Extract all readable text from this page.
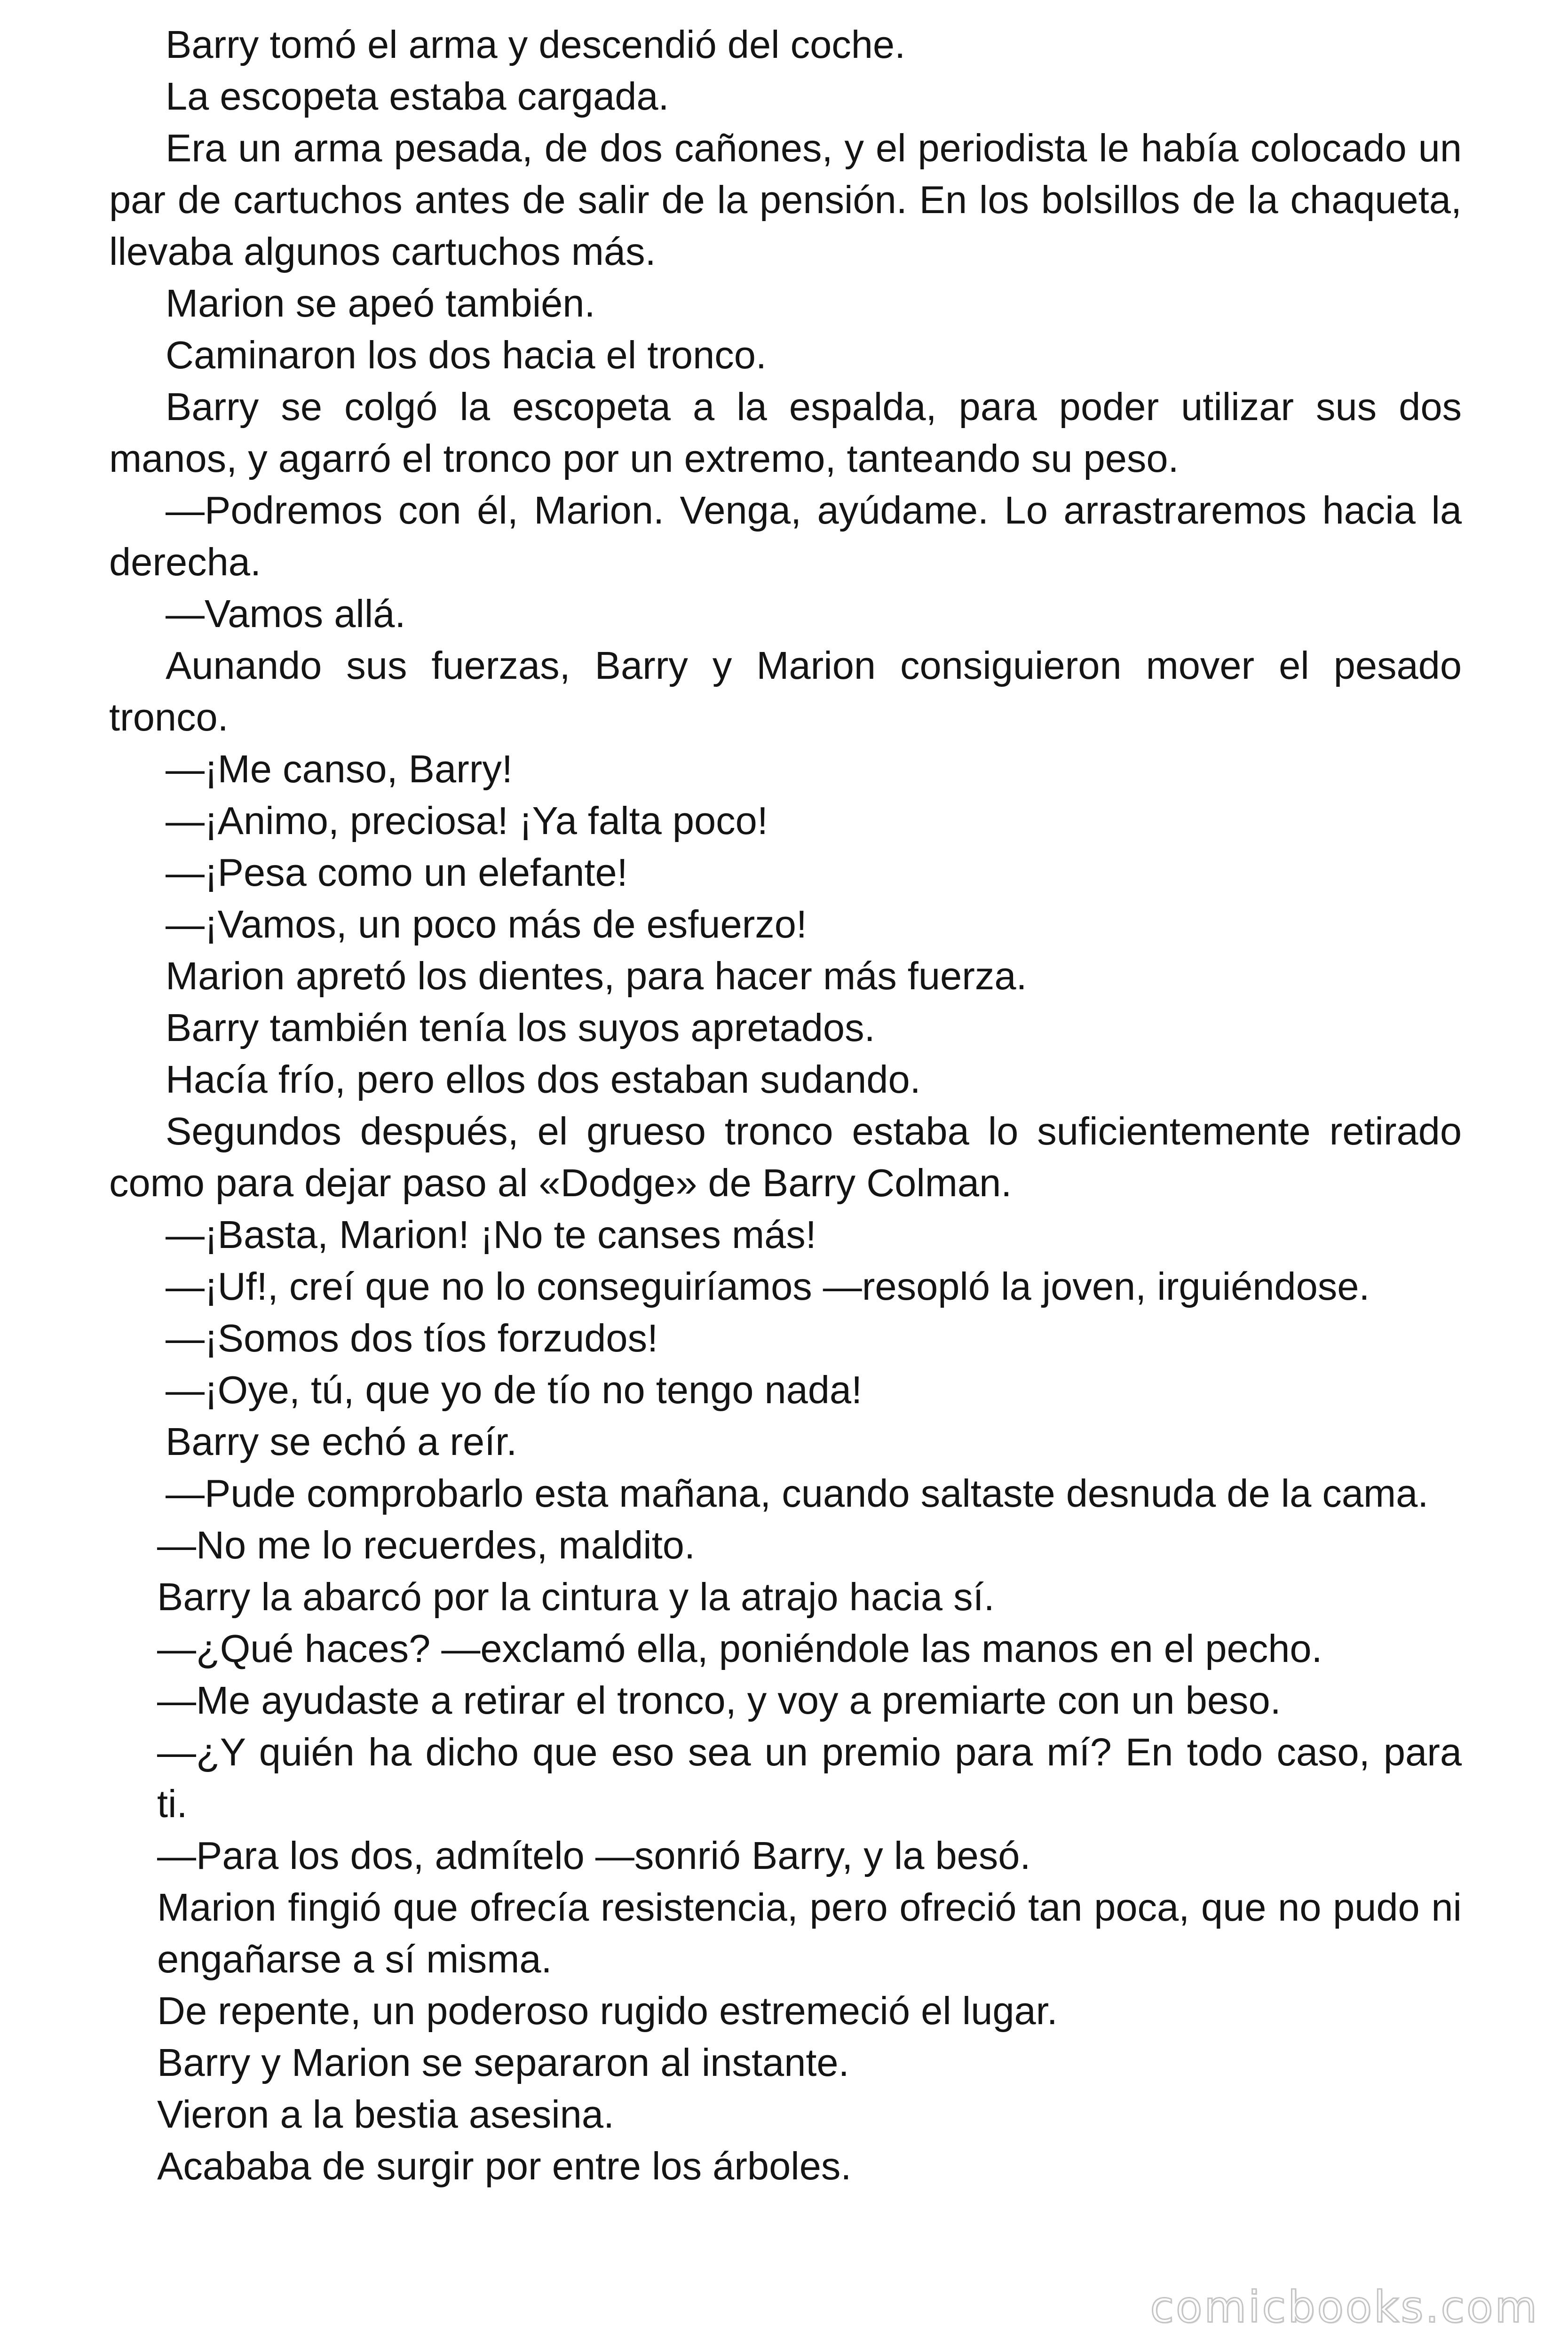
Barry tomó el arma y descendió del coche.

La escopeta estaba cargada.

Era un arma pesada, de dos cañones, y el periodista le había colocado un par de cartuchos antes de salir de la pensión. En los bolsillos de la chaqueta, llevaba algunos cartuchos más.

Marion se apeó también.

Caminaron los dos hacia el tronco.

Barry se colgó la escopeta a la espalda, para poder utilizar sus dos manos, y agarró el tronco por un extremo, tanteando su peso.

—Podremos con él, Marion. Venga, ayúdame. Lo arrastraremos hacia la derecha.

—Vamos allá.

Aunando sus fuerzas, Barry y Marion consiguieron mover el pesado tronco.

—¡Me canso, Barry!

—¡Animo, preciosa! ¡Ya falta poco!

—¡Pesa como un elefante!

—¡Vamos, un poco más de esfuerzo!

Marion apretó los dientes, para hacer más fuerza.

Barry también tenía los suyos apretados.

Hacía frío, pero ellos dos estaban sudando.

Segundos después, el grueso tronco estaba lo suficientemente retirado como para dejar paso al «Dodge» de Barry Colman.

—¡Basta, Marion! ¡No te canses más!

—¡Uf!, creí que no lo conseguiríamos —resopló la joven, irguiéndose.

—¡Somos dos tíos forzudos!

—¡Oye, tú, que yo de tío no tengo nada!

Barry se echó a reír.

—Pude comprobarlo esta mañana, cuando saltaste desnuda de la cama.

—No me lo recuerdes, maldito.

Barry la abarcó por la cintura y la atrajo hacia sí.

—¿Qué haces? —exclamó ella, poniéndole las manos en el pecho.

—Me ayudaste a retirar el tronco, y voy a premiarte con un beso.

—¿Y quién ha dicho que eso sea un premio para mí? En todo caso, para ti.

—Para los dos, admítelo —sonrió Barry, y la besó.

Marion fingió que ofrecía resistencia, pero ofreció tan poca, que no pudo ni engañarse a sí misma.

De repente, un poderoso rugido estremeció el lugar.

Barry y Marion se separaron al instante.

Vieron a la bestia asesina.

Acababa de surgir por entre los árboles.

comicbooks.com
